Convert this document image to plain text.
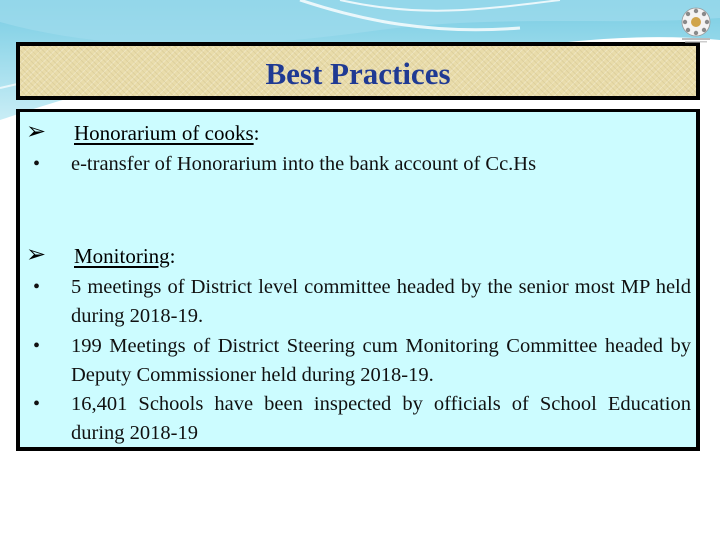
Best Practices
➢ Honorarium of cooks:
• e-transfer of Honorarium into the bank account of Cc.Hs
➢ Monitoring:
• 5 meetings of District level committee headed by the senior most MP held during 2018-19.
• 199 Meetings of District Steering cum Monitoring Committee headed by Deputy Commissioner held during 2018-19.
• 16,401 Schools have been inspected by officials of School Education during 2018-19
